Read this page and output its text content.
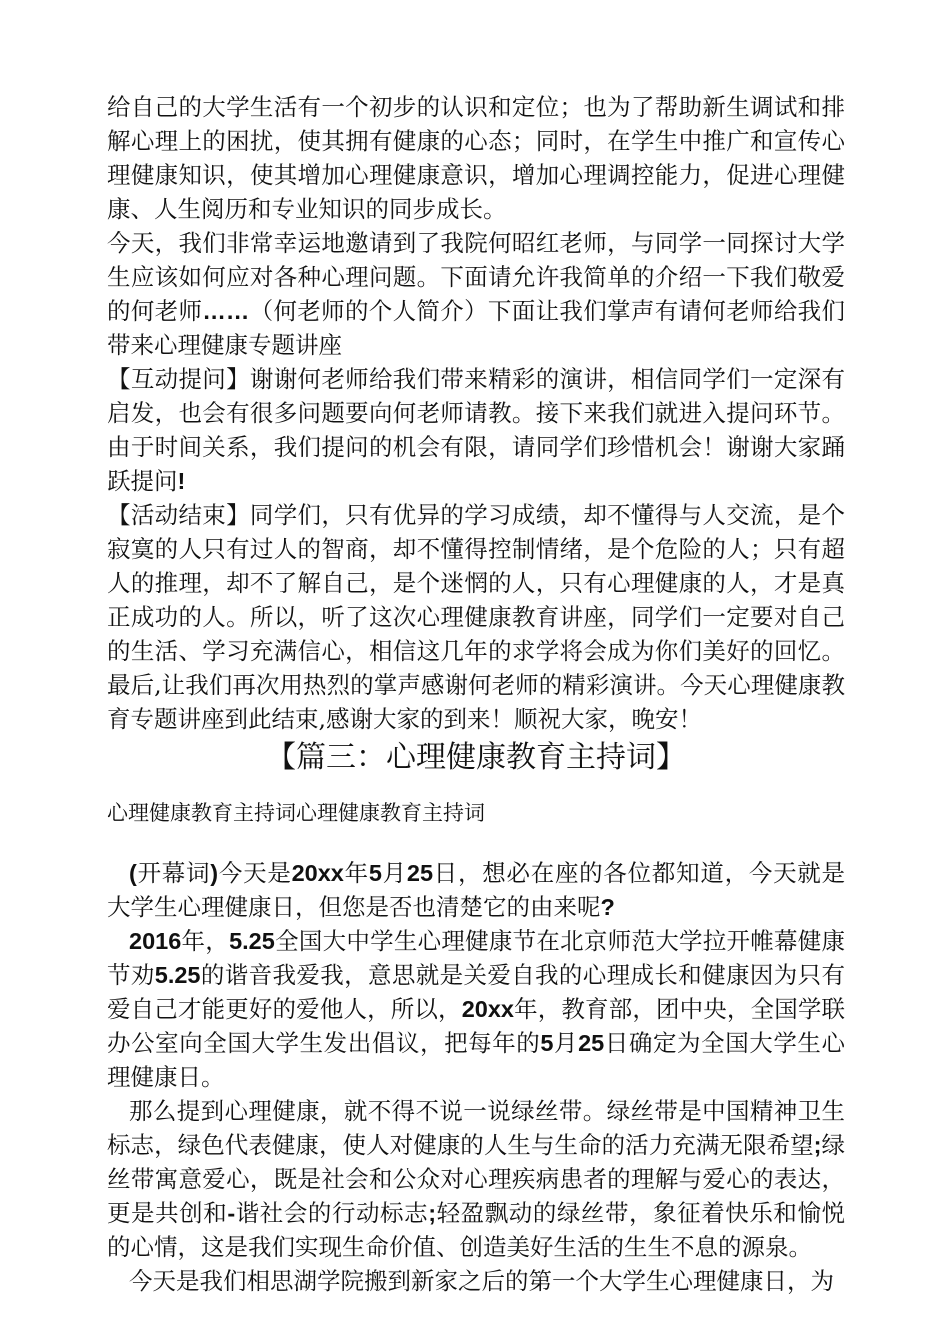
给自己的大学生活有一个初步的认识和定位；也为了帮助新生调试和排解心理上的困扰，使其拥有健康的心态；同时，在学生中推广和宣传心理健康知识，使其增加心理健康意识，增加心理调控能力，促进心理健康、人生阅历和专业知识的同步成长。

今天，我们非常幸运地邀请到了我院何昭红老师，与同学一同探讨大学生应该如何应对各种心理问题。下面请允许我简单的介绍一下我们敬爱的何老师……（何老师的个人简介）下面让我们掌声有请何老师给我们带来心理健康专题讲座

【互动提问】谢谢何老师给我们带来精彩的演讲，相信同学们一定深有启发，也会有很多问题要向何老师请教。接下来我们就进入提问环节。由于时间关系，我们提问的机会有限，请同学们珍惜机会！谢谢大家踊跃提问!

【活动结束】同学们，只有优异的学习成绩，却不懂得与人交流，是个寂寞的人只有过人的智商，却不懂得控制情绪，是个危险的人；只有超人的推理，却不了解自己，是个迷惘的人，只有心理健康的人，才是真正成功的人。所以，听了这次心理健康教育讲座，同学们一定要对自己的生活、学习充满信心，相信这几年的求学将会成为你们美好的回忆。最后,让我们再次用热烈的掌声感谢何老师的精彩演讲。今天心理健康教育专题讲座到此结束,感谢大家的到来！顺祝大家，晚安！

【篇三：心理健康教育主持词】

心理健康教育主持词心理健康教育主持词

(开幕词)今天是20xx年5月25日，想必在座的各位都知道，今天就是大学生心理健康日，但您是否也清楚它的由来呢?

2016年，5.25全国大中学生心理健康节在北京师范大学拉开帷幕健康节劝5.25的谐音我爱我，意思就是关爱自我的心理成长和健康因为只有爱自己才能更好的爱他人，所以，20xx年，教育部，团中央，全国学联办公室向全国大学生发出倡议，把每年的5月25日确定为全国大学生心理健康日。

那么提到心理健康，就不得不说一说绿丝带。绿丝带是中国精神卫生标志，绿色代表健康，使人对健康的人生与生命的活力充满无限希望;绿丝带寓意爱心，既是社会和公众对心理疾病患者的理解与爱心的表达，更是共创和-谐社会的行动标志;轻盈飘动的绿丝带，象征着快乐和愉悦的心情，这是我们实现生命价值、创造美好生活的生生不息的源泉。

今天是我们相思湖学院搬到新家之后的第一个大学生心理健康日，为
